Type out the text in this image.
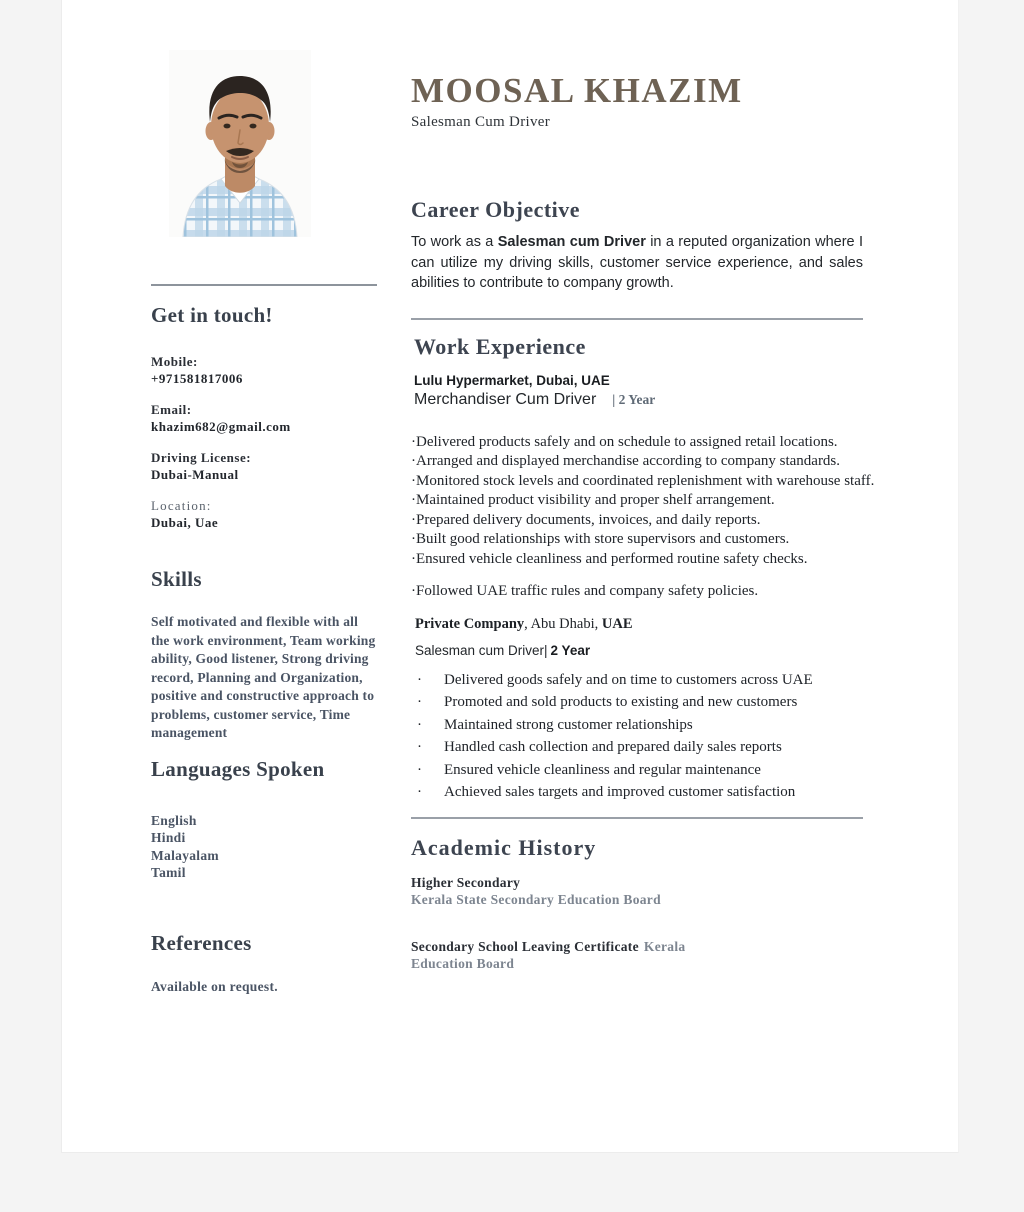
Get in touch!
Mobile:
+971581817006
Email:
khazim682@gmail.com
Driving License:
Dubai-Manual
Location:
Dubai, Uae
Skills
Self motivated and flexible with all the work environment, Team working ability, Good listener, Strong driving record, Planning and Organization, positive and constructive approach to problems, customer service, Time management
Languages Spoken
English
Hindi
Malayalam
Tamil
References
Available on request.
MOOSAL KHAZIM
Salesman Cum Driver
Career Objective
To work as a Salesman cum Driver in a reputed organization where I can utilize my driving skills, customer service experience, and sales abilities to contribute to company growth.
Work Experience
Lulu Hypermarket, Dubai, UAE
Merchandiser Cum Driver | 2 Year
· Delivered products safely and on schedule to assigned retail locations.
· Arranged and displayed merchandise according to company standards.
· Monitored stock levels and coordinated replenishment with warehouse staff.
· Maintained product visibility and proper shelf arrangement.
· Prepared delivery documents, invoices, and daily reports.
· Built good relationships with store supervisors and customers.
· Ensured vehicle cleanliness and performed routine safety checks.
· Followed UAE traffic rules and company safety policies.
Private Company, Abu Dhabi, UAE
Salesman cum Driver| 2 Year
· Delivered goods safely and on time to customers across UAE
· Promoted and sold products to existing and new customers
· Maintained strong customer relationships
· Handled cash collection and prepared daily sales reports
· Ensured vehicle cleanliness and regular maintenance
· Achieved sales targets and improved customer satisfaction
Academic History
Higher Secondary
Kerala State Secondary Education Board
Secondary School Leaving Certificate Kerala
Education Board
